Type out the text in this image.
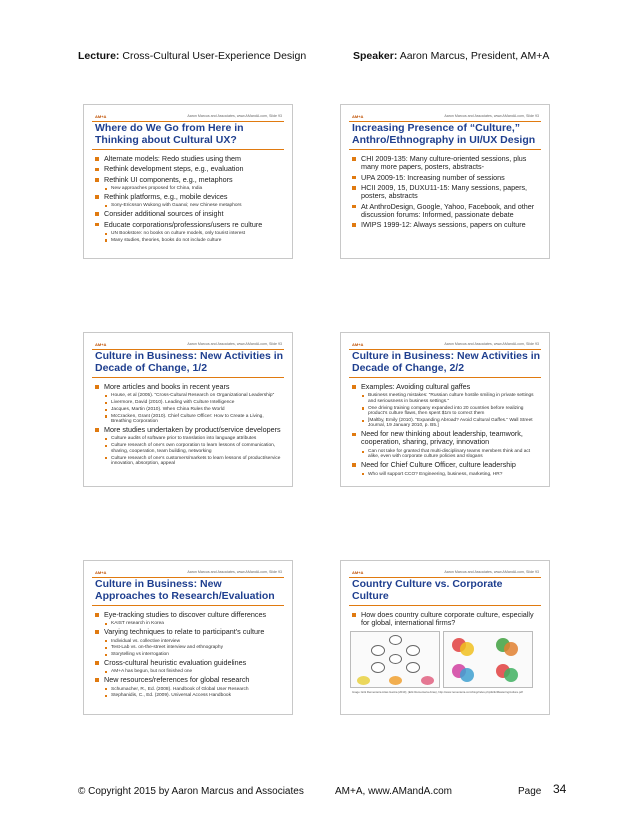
Lecture: Cross-Cultural User-Experience Design	Speaker: Aaron Marcus, President, AM+A
AM+A	Aaron Marcus and Associates, www.AMandA.com, Slide 93
Where do We Go from Here in Thinking about Cultural UX?
Alternate models: Redo studies using them
Rethink development steps, e.g., evaluation
Rethink UI components, e.g., metaphors
New approaches proposed for China, India
Rethink platforms, e.g., mobile devices
Sony-Ericsson Wukong with Guanxi; new Chinese metaphors
Consider additional sources of insight
Educate corporations/professions/users re culture
UN Bookstore: no books on culture models, only tourist interest
Many studies, theories, books do not include culture
AM+A	Aaron Marcus and Associates, www.AMandA.com, Slide 93
Increasing Presence of “Culture,” Anthro/Ethnography in UI/UX Design
CHI 2009-135: Many culture-oriented sessions, plus many more papers, posters, abstracts-
UPA 2009-15: Increasing number of sessions
HCII 2009, 15, DUXU11-15: Many sessions, papers, posters, abstracts
At AnthroDesign, Google, Yahoo, Facebook, and other discussion forums: Informed, passionate debate
IWIPS 1999-12: Always sessions, papers on culture
AM+A	Aaron Marcus and Associates, www.AMandA.com, Slide 93
Culture in Business: New Activities in Decade of Change, 1/2
More articles and books in recent years
House, et al (2005). “Cross-Cultural Research on Organizational Leadership”
Livermore, David (2010). Leading with Culture Intelligence
Jacques, Martin (2010). When China Rules the World
McCracken, Grant (2010). Chief Culture Officer: How to Create a Living, Breathing Corporation
More studies undertaken by product/service developers
Culture audits of software prior to translation into language attributes
Culture research of one’s own corporation to learn lessons of communication, sharing, cooperation, team building, networking
Culture research of one’s customers/markets to learn lessons of product/service innovation, absorption, appeal
AM+A	Aaron Marcus and Associates, www.AMandA.com, Slide 93
Culture in Business: New Activities in Decade of Change, 2/2
Examples: Avoiding cultural gaffes
Business meeting mistakes: “Russian culture hostile smiling in private settings and seriousness in business settings.”
One driving training company expanded into 20 countries before realizing product’s culture flaws, then spent $1m to correct them
[Maltby, Emily (2010). “Expanding Abroad? Avoid Cultural Gaffes.” Wall Street Journal, 19 January 2010, p. B5.]
Need for new thinking about leadership, teamwork, cooperation, sharing, privacy, innovation
Can not take for granted that multi-disciplinary teams members think and act alike, even with corporate culture policies and slogans
Need for Chief Culture Officer, culture leadership
Who will support CCO? Engineering, business, marketing, HR?
AM+A	Aaron Marcus and Associates, www.AMandA.com, Slide 93
Culture in Business: New Approaches to Research/Evaluation
Eye-tracking studies to discover culture differences
KAIST research in Korea
Varying techniques to relate to participant’s culture
Individual vs. collective interview
Test-Lab vs. on-the-street interview and ethnography
Storytelling vs interrogation
Cross-cultural heuristic evaluation guidelines
AM+A has begun, but not finished one
New resources/references for global research
Schumacher, R., Ed. (2008). Handbook of Global User Research
Stephanidis, C., Ed. (2009). Universal Access Handbook
AM+A	Aaron Marcus and Associates, www.AMandA.com, Slide 93
Country Culture vs. Corporate Culture
How does country culture corporate culture, especially for global, international firms?
Image: Erik Rementeria Arias Garcia (2010); (Erik Rementeria Arias), http://www.rementeria.com/blog/index.php/Erik/Mastering/culture.pdf
© Copyright 2015 by Aaron Marcus and Associates	AM+A, www.AMandA.com	Page 34
